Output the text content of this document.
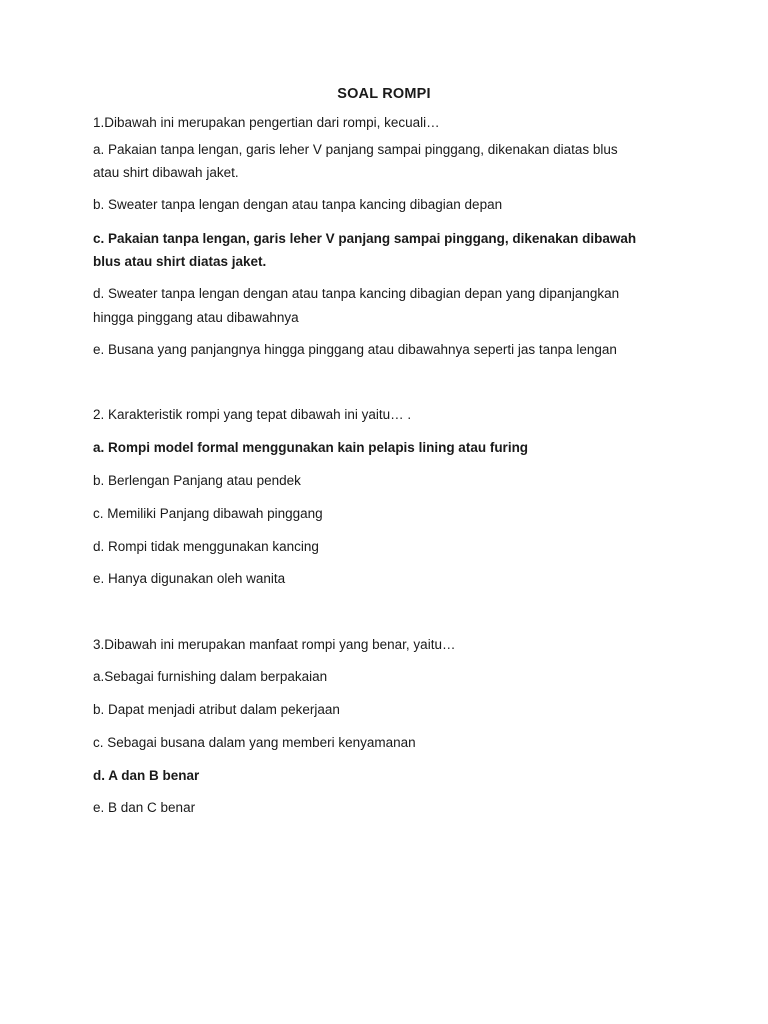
SOAL ROMPI
1.Dibawah ini merupakan pengertian dari rompi, kecuali…
a. Pakaian tanpa lengan, garis leher V panjang sampai pinggang, dikenakan diatas blus
atau shirt dibawah jaket.
b. Sweater tanpa lengan dengan atau tanpa kancing dibagian depan
c. Pakaian tanpa lengan, garis leher V panjang sampai pinggang, dikenakan dibawah
blus atau shirt diatas jaket.
d. Sweater tanpa lengan dengan atau tanpa kancing dibagian depan yang dipanjangkan
hingga pinggang atau dibawahnya
e. Busana yang panjangnya hingga pinggang atau dibawahnya seperti jas tanpa lengan
2. Karakteristik rompi yang tepat dibawah ini yaitu… .
a. Rompi model formal menggunakan kain pelapis lining atau furing
b. Berlengan Panjang atau pendek
c. Memiliki Panjang dibawah pinggang
d. Rompi tidak menggunakan kancing
e. Hanya digunakan oleh wanita
3.Dibawah ini merupakan manfaat rompi yang benar, yaitu…
a.Sebagai furnishing dalam berpakaian
b. Dapat menjadi atribut dalam pekerjaan
c. Sebagai busana dalam yang memberi kenyamanan
d. A dan B benar
e. B dan C benar
